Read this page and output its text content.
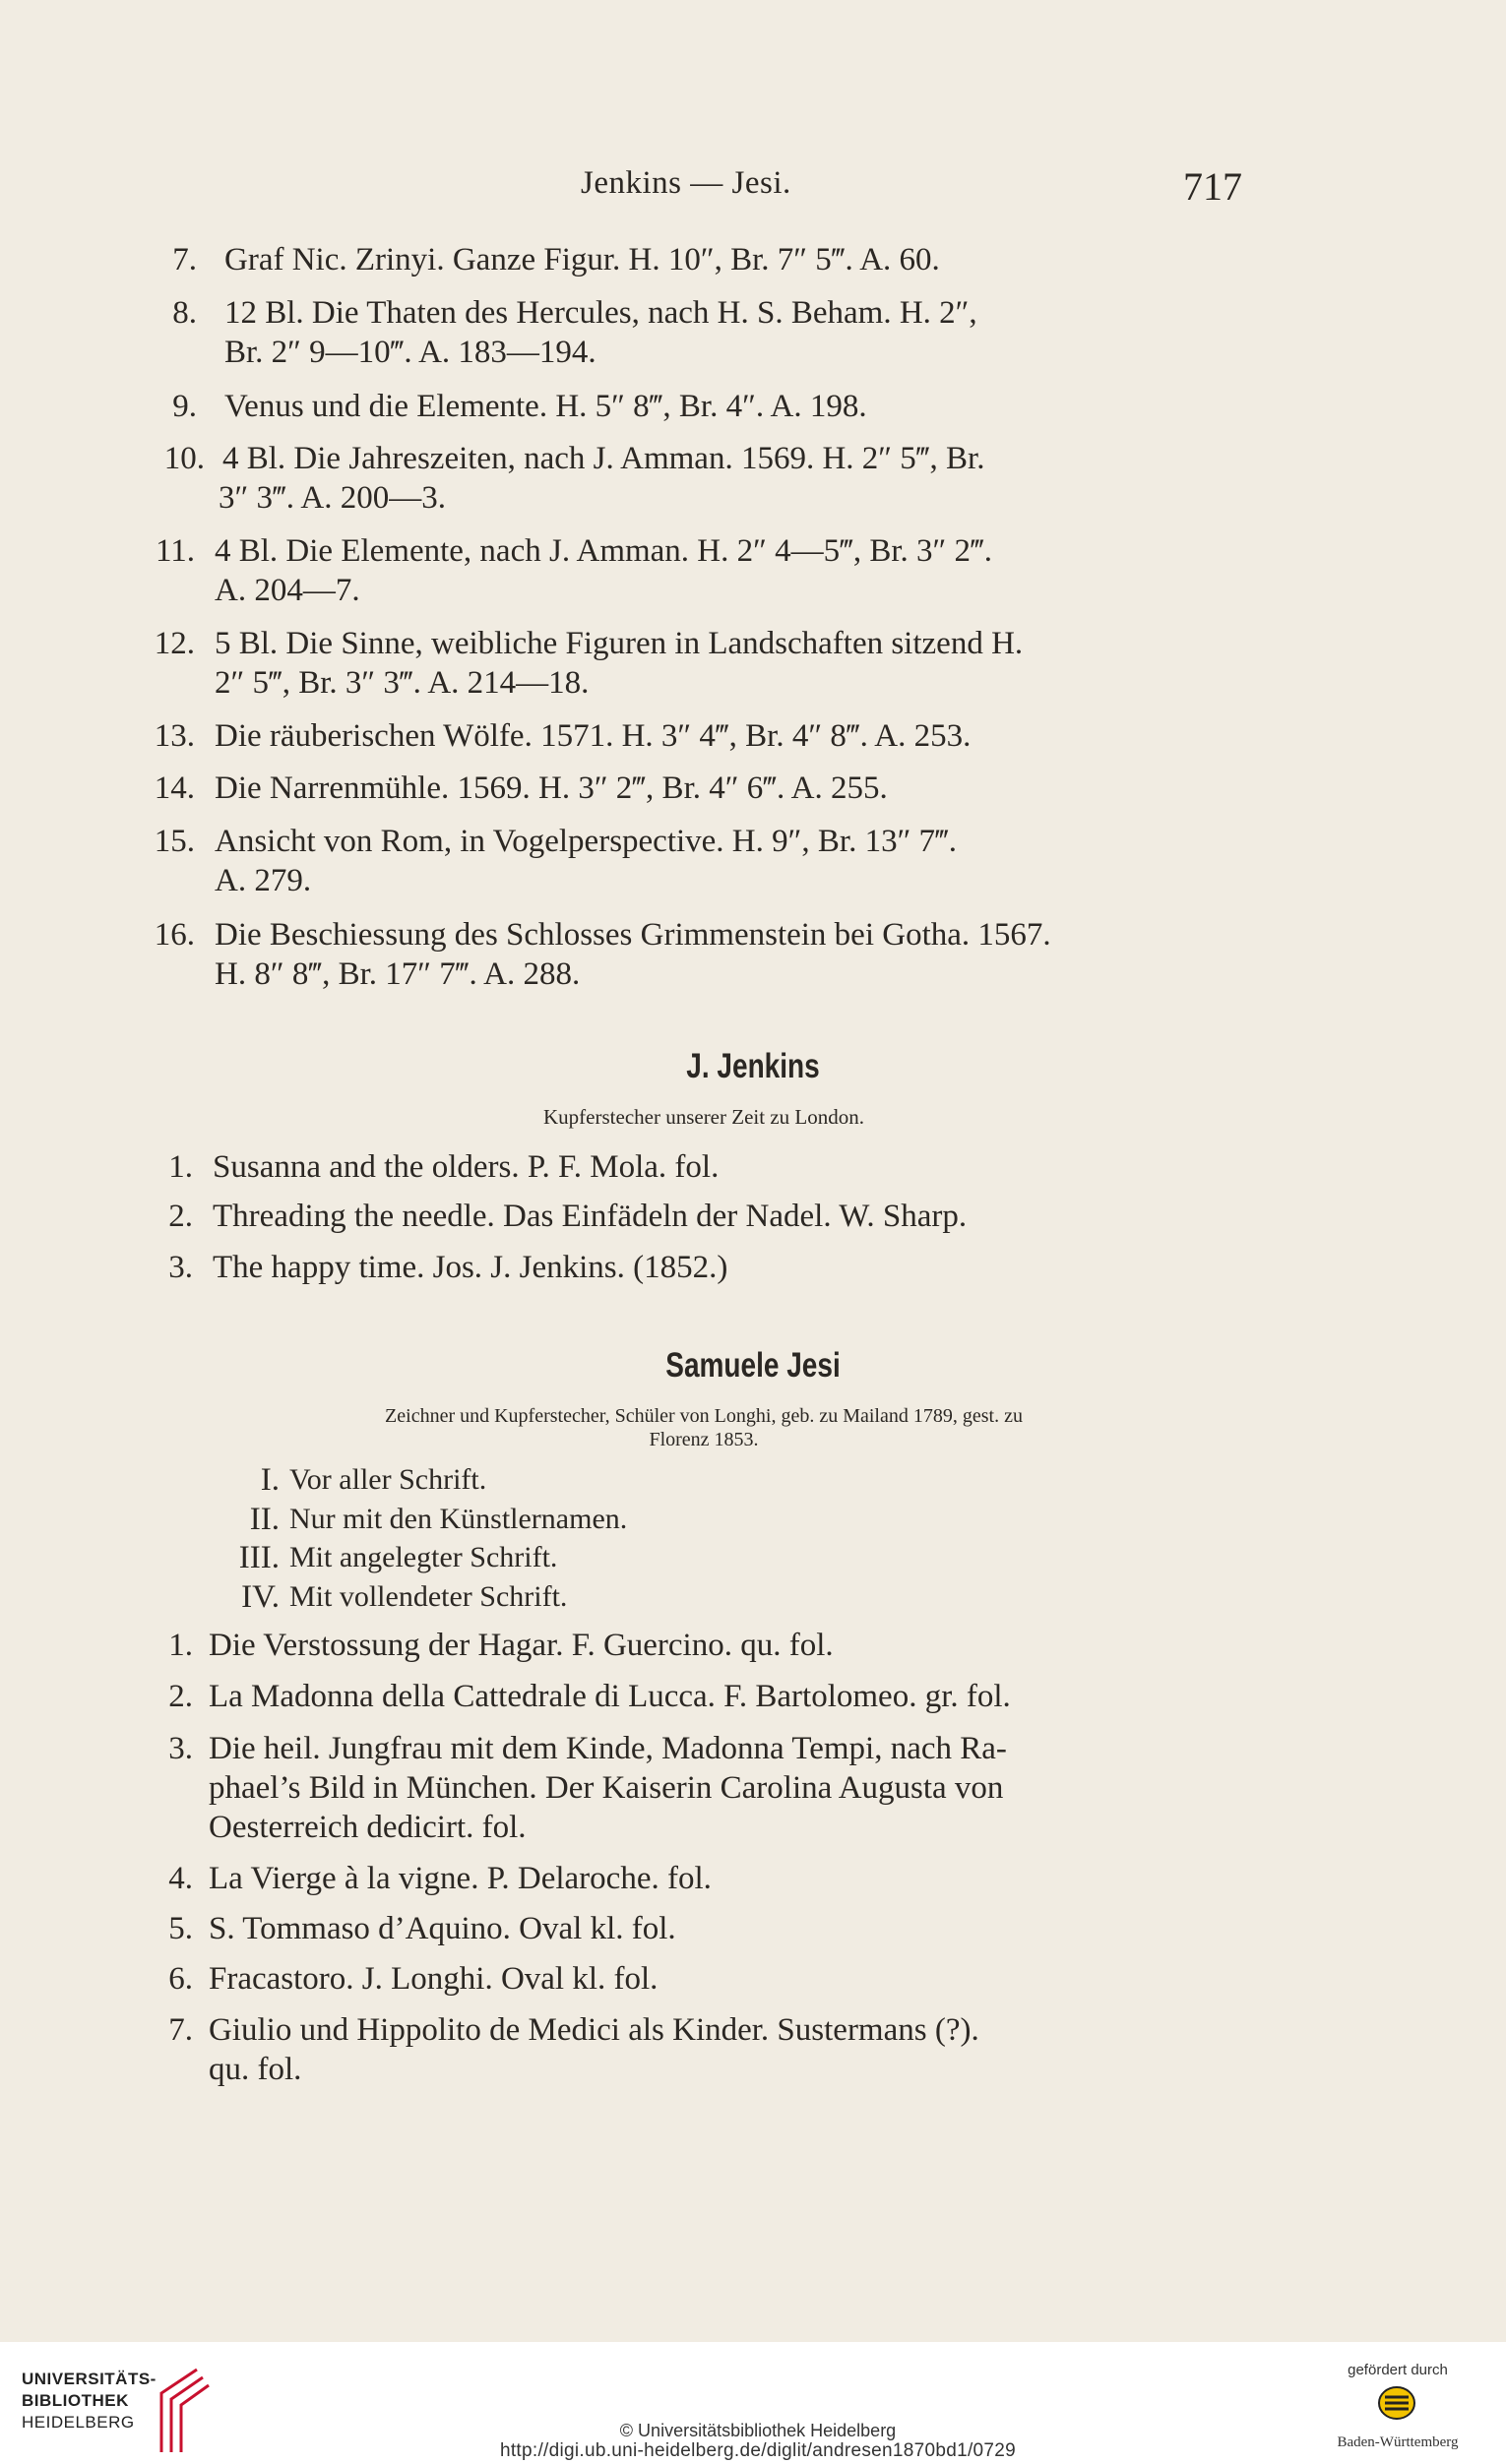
Jenkins — Jesi.	717
7. Graf Nic. Zrinyi. Ganze Figur. H. 10″, Br. 7″ 5‴. A. 60.
8. 12 Bl. Die Thaten des Hercules, nach H. S. Beham. H. 2″,
Br. 2″ 9—10‴. A. 183—194.
9. Venus und die Elemente. H. 5″ 8‴, Br. 4″. A. 198.
10. 4 Bl. Die Jahreszeiten, nach J. Amman. 1569. H. 2″ 5‴, Br.
3″ 3‴. A. 200—3.
11. 4 Bl. Die Elemente, nach J. Amman. H. 2″ 4—5‴, Br. 3″ 2‴.
A. 204—7.
12. 5 Bl. Die Sinne, weibliche Figuren in Landschaften sitzend H.
2″ 5‴, Br. 3″ 3‴. A. 214—18.
13. Die räuberischen Wölfe. 1571. H. 3″ 4‴, Br. 4″ 8‴. A. 253.
14. Die Narrenmühle. 1569. H. 3″ 2‴, Br. 4″ 6‴. A. 255.
15. Ansicht von Rom, in Vogelperspective. H. 9″, Br. 13″ 7‴.
A. 279.
16. Die Beschiessung des Schlosses Grimmenstein bei Gotha. 1567.
H. 8″ 8‴, Br. 17″ 7‴. A. 288.
J. Jenkins
Kupferstecher unserer Zeit zu London.
1. Susanna and the olders. P. F. Mola. fol.
2. Threading the needle. Das Einfädeln der Nadel. W. Sharp.
3. The happy time. Jos. J. Jenkins. (1852.)
Samuele Jesi
Zeichner und Kupferstecher, Schüler von Longhi, geb. zu Mailand 1789, gest. zu
Florenz 1853.
I. Vor aller Schrift.
II. Nur mit den Künstlernamen.
III. Mit angelegter Schrift.
IV. Mit vollendeter Schrift.
1. Die Verstossung der Hagar. F. Guercino. qu. fol.
2. La Madonna della Cattedrale di Lucca. F. Bartolomeo. gr. fol.
3. Die heil. Jungfrau mit dem Kinde, Madonna Tempi, nach Ra-
phael’s Bild in München. Der Kaiserin Carolina Augusta von
Oesterreich dedicirt. fol.
4. La Vierge à la vigne. P. Delaroche. fol.
5. S. Tommaso d’Aquino. Oval kl. fol.
6. Fracastoro. J. Longhi. Oval kl. fol.
7. Giulio und Hippolito de Medici als Kinder. Sustermans (?).
qu. fol.
UNIVERSITÄTS-
BIBLIOTHEK
HEIDELBERG	© Universitätsbibliothek Heidelberg
http://digi.ub.uni-heidelberg.de/diglit/andresen1870bd1/0729
gefördert durch
Baden-Württemberg
